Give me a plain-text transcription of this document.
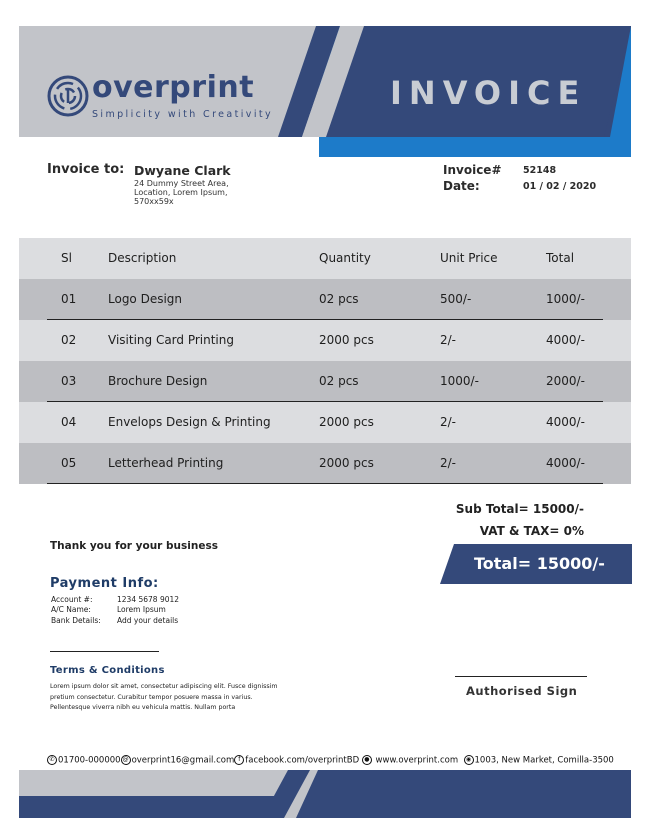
overprint
Simplicity with Creativity
INVOICE
Invoice to: Dwyane Clark
24 Dummy Street Area,
Location, Lorem Ipsum,
570xx59x
Invoice# 52148
Date:	01 / 02 / 2020
Sl	Description	Quantity	Unit Price	Total
01	Logo Design	02 pcs	500/-	1000/-
02	Visiting Card Printing	2000 pcs	2/-	4000/-
03	Brochure Design	02 pcs	1000/-	2000/-
04	Envelops Design & Printing	2000 pcs	2/-	4000/-
05	Letterhead Printing	2000 pcs	2/-	4000/-
Sub Total= 15000/-
VAT & TAX= 0%
Total= 15000/-
Thank you for your business
Payment Info:
Account #:	1234 5678 9012
A/C Name:	Lorem Ipsum
Bank Details: Add your details
Terms & Conditions
Lorem ipsum dolor sit amet, consectetur adipiscing elit. Fusce dignissim pretium consectetur. Curabitur tempor posuere massa in varius. Pellentesque viverra nibh eu vehicula mattis. Nullam porta
Authorised Sign
✆ 01700-000000 @ overprint16@gmail.com f facebook.com/overprintBD ● www.overprint.com ◉ 1003, New Market, Comilla-3500
